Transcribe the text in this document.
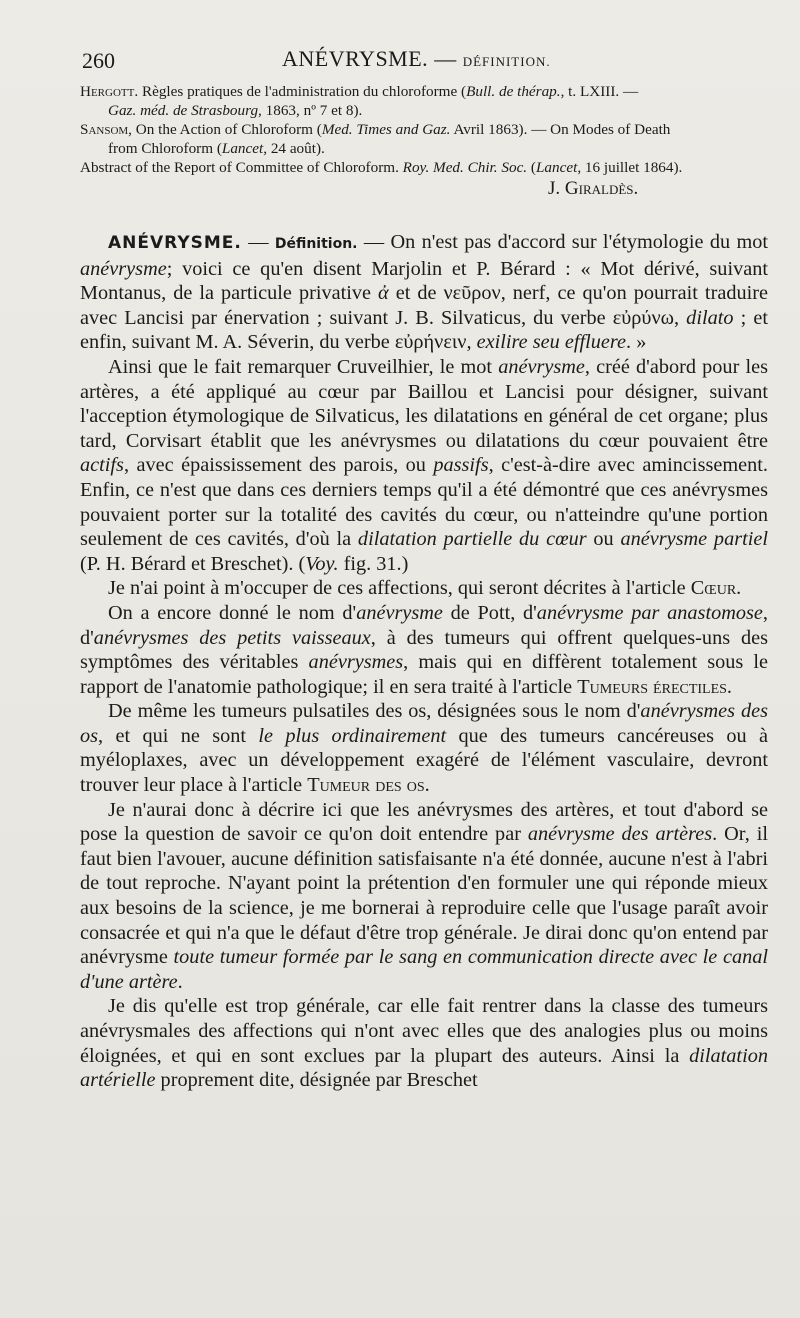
260	ANÉVRYSME. — DÉFINITION.

Hergott. Règles pratiques de l'administration du chloroforme (Bull. de thérap., t. LXIII. —

Gaz. méd. de Strasbourg, 1863, nº 7 et 8).

Sansom, On the Action of Chloroform (Med. Times and Gaz. Avril 1863). — On Modes of Death

from Chloroform (Lancet, 24 août).

Abstract of the Report of Committee of Chloroform. Roy. Med. Chir. Soc. (Lancet, 16 juillet 1864).

J. Giraldès.

ANÉVRYSME. — Définition. — On n'est pas d'accord sur l'étymologie du mot anévrysme; voici ce qu'en disent Marjolin et P. Bérard : « Mot dérivé, suivant Montanus, de la particule privative ἀ et de νεῦρον, nerf, ce qu'on pourrait traduire avec Lancisi par énervation ; suivant J. B. Silvaticus, du verbe εὐρύνω, dilato ; et enfin, suivant M. A. Séverin, du verbe εὐρήνειν, exilire seu effluere. »

Ainsi que le fait remarquer Cruveilhier, le mot anévrysme, créé d'abord pour les artères, a été appliqué au cœur par Baillou et Lancisi pour désigner, suivant l'acception étymologique de Silvaticus, les dilatations en général de cet organe; plus tard, Corvisart établit que les anévrysmes ou dilatations du cœur pouvaient être actifs, avec épaississement des parois, ou passifs, c'est-à-dire avec amincissement. Enfin, ce n'est que dans ces derniers temps qu'il a été démontré que ces anévrysmes pouvaient porter sur la totalité des cavités du cœur, ou n'atteindre qu'une portion seulement de ces cavités, d'où la dilatation partielle du cœur ou anévrysme partiel (P. H. Bérard et Breschet). (Voy. fig. 31.)

Je n'ai point à m'occuper de ces affections, qui seront décrites à l'article Cœur.

On a encore donné le nom d'anévrysme de Pott, d'anévrysme par anastomose, d'anévrysmes des petits vaisseaux, à des tumeurs qui offrent quelques-uns des symptômes des véritables anévrysmes, mais qui en diffèrent totalement sous le rapport de l'anatomie pathologique; il en sera traité à l'article Tumeurs érectiles.

De même les tumeurs pulsatiles des os, désignées sous le nom d'anévrysmes des os, et qui ne sont le plus ordinairement que des tumeurs cancéreuses ou à myéloplaxes, avec un développement exagéré de l'élément vasculaire, devront trouver leur place à l'article Tumeur des os.

Je n'aurai donc à décrire ici que les anévrysmes des artères, et tout d'abord se pose la question de savoir ce qu'on doit entendre par anévrysme des artères. Or, il faut bien l'avouer, aucune définition satisfaisante n'a été donnée, aucune n'est à l'abri de tout reproche. N'ayant point la prétention d'en formuler une qui réponde mieux aux besoins de la science, je me bornerai à reproduire celle que l'usage paraît avoir consacrée et qui n'a que le défaut d'être trop générale. Je dirai donc qu'on entend par anévrysme toute tumeur formée par le sang en communication directe avec le canal d'une artère.

Je dis qu'elle est trop générale, car elle fait rentrer dans la classe des tumeurs anévrysmales des affections qui n'ont avec elles que des analogies plus ou moins éloignées, et qui en sont exclues par la plupart des auteurs. Ainsi la dilatation artérielle proprement dite, désignée par Breschet
